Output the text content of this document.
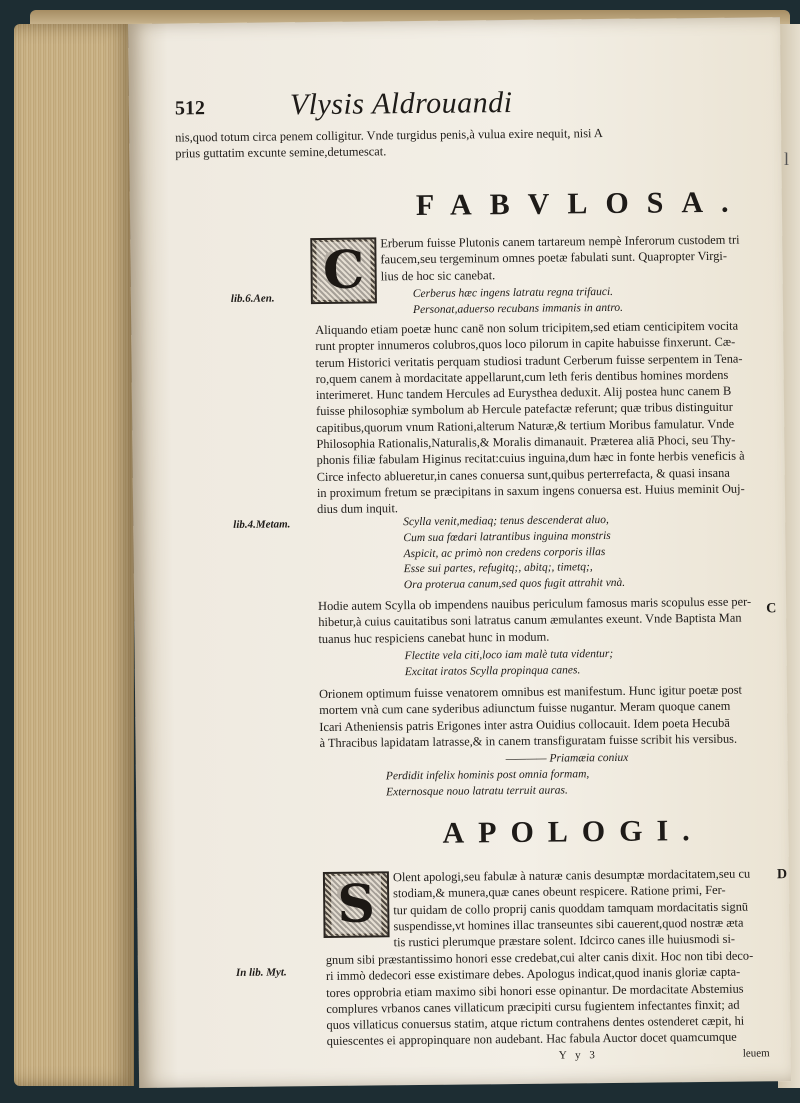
l
512	Vlysis Aldrouandi

nis,quod totum circa penem colligitur. Vnde turgidus penis,à vulua exire nequit, nisi A

prius guttatim excunte semine,detumescat.

FABVLOSA.
C	Erberum fuisse Plutonis canem tartareum nempè Inferorum custodem tri

faucem,seu tergeminum omnes poetæ fabulati sunt. Quapropter Virgi-

lius de hoc sic canebat.

lib.6.Aen.	Cerberus hæc ingens latratu regna trifauci.

Personat,aduerso recubans immanis in antro.

Aliquando etiam poetæ hunc canē non solum tricipitem,sed etiam centicipitem vocita

runt propter innumeros colubros,quos loco pilorum in capite habuisse finxerunt. Cæ-

terum Historici veritatis perquam studiosi tradunt Cerberum fuisse serpentem in Tena-

ro,quem canem à mordacitate appellarunt,cum leth feris dentibus homines mordens

interimeret. Hunc tandem Hercules ad Eurysthea deduxit. Alij postea hunc canem B

fuisse philosophiæ symbolum ab Hercule patefactæ referunt; quæ tribus distinguitur

capitibus,quorum vnum Rationi,alterum Naturæ,& tertium Moribus famulatur. Vnde

Philosophia Rationalis,Naturalis,& Moralis dimanauit. Præterea aliā Phoci, seu Thy-

phonis filiæ fabulam Higinus recitat:cuius inguina,dum hæc in fonte herbis veneficis à

Circe infecto ablueretur,in canes conuersa sunt,quibus perterrefacta, & quasi insana

in proximum fretum se præcipitans in saxum ingens conuersa est. Huius meminit Ouj-

dius dum inquit.

lib.4.Metam.	Scylla venit,mediaq; tenus descenderat aluo,

Cum sua fœdari latrantibus inguina monstris

Aspicit, ac primò non credens corporis illas

Esse sui partes, refugitq;, abitq;, timetq;,

Ora proterua canum,sed quos fugit attrahit vnà.

Hodie autem Scylla ob impendens nauibus periculum famosus maris scopulus esse per-

hibetur,à cuius cauitatibus soni latratus canum æmulantes exeunt. Vnde Baptista Man

tuanus huc respiciens canebat hunc in modum.

C

Flectite vela citi,loco iam malè tuta videntur;

Excitat iratos Scylla propinqua canes.

Orionem optimum fuisse venatorem omnibus est manifestum. Hunc igitur poetæ post

mortem vnà cum cane syderibus adiunctum fuisse nugantur. Meram quoque canem

Icari Atheniensis patris Erigones inter astra Ouidius collocauit. Idem poeta Hecubā

à Thracibus lapidatam latrasse,& in canem transfiguratam fuisse scribit his versibus.

———— Priamæia coniux

Perdidit infelix hominis post omnia formam,

Externosque nouo latratu terruit auras.

APOLOGI.
S	D

Olent apologi,seu fabulæ à naturæ canis desumptæ mordacitatem,seu cu

stodiam,& munera,quæ canes obeunt respicere. Ratione primi, Fer-

tur quidam de collo proprij canis quoddam tamquam mordacitatis signū

suspendisse,vt homines illac transeuntes sibi cauerent,quod nostræ æta

tis rustici plerumque præstare solent. Idcirco canes ille huiusmodi si-

In lib. Myt.

gnum sibi præstantissimo honori esse credebat,cui alter canis dixit. Hoc non tibi deco-

ri immò dedecori esse existimare debes. Apologus indicat,quod inanis gloriæ capta-

tores opprobria etiam maximo sibi honori esse opinantur. De mordacitate Abstemius

complures vrbanos canes villaticum præcipiti cursu fugientem infectantes finxit; ad

quos villaticus conuersus statim, atque rictum contrahens dentes ostenderet cæpit, hi

quiescentes ei appropinquare non audebant. Hac fabula Auctor docet quamcumque

leuem
Y y 3
